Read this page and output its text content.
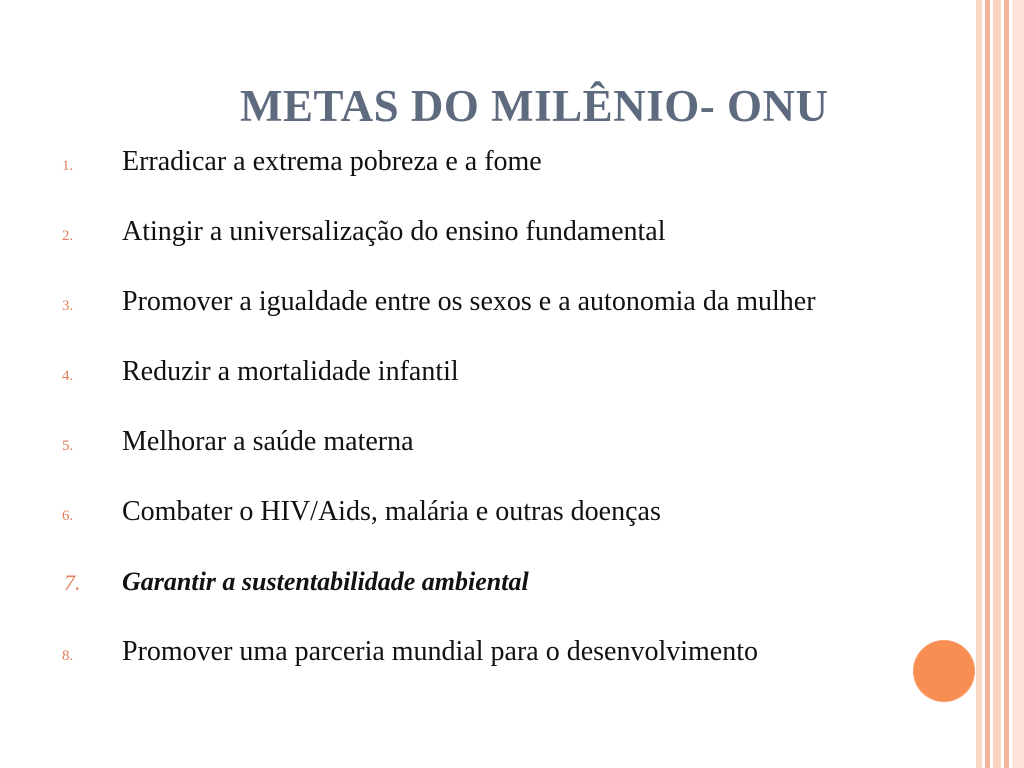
METAS DO MILÊNIO- ONU
1. Erradicar a extrema pobreza e a fome
2. Atingir a universalização do ensino fundamental
3. Promover a igualdade entre os sexos e a autonomia da mulher
4. Reduzir a mortalidade infantil
5. Melhorar a saúde materna
6. Combater o HIV/Aids, malária e outras doenças
7. Garantir a sustentabilidade ambiental
8. Promover uma parceria mundial para o desenvolvimento
